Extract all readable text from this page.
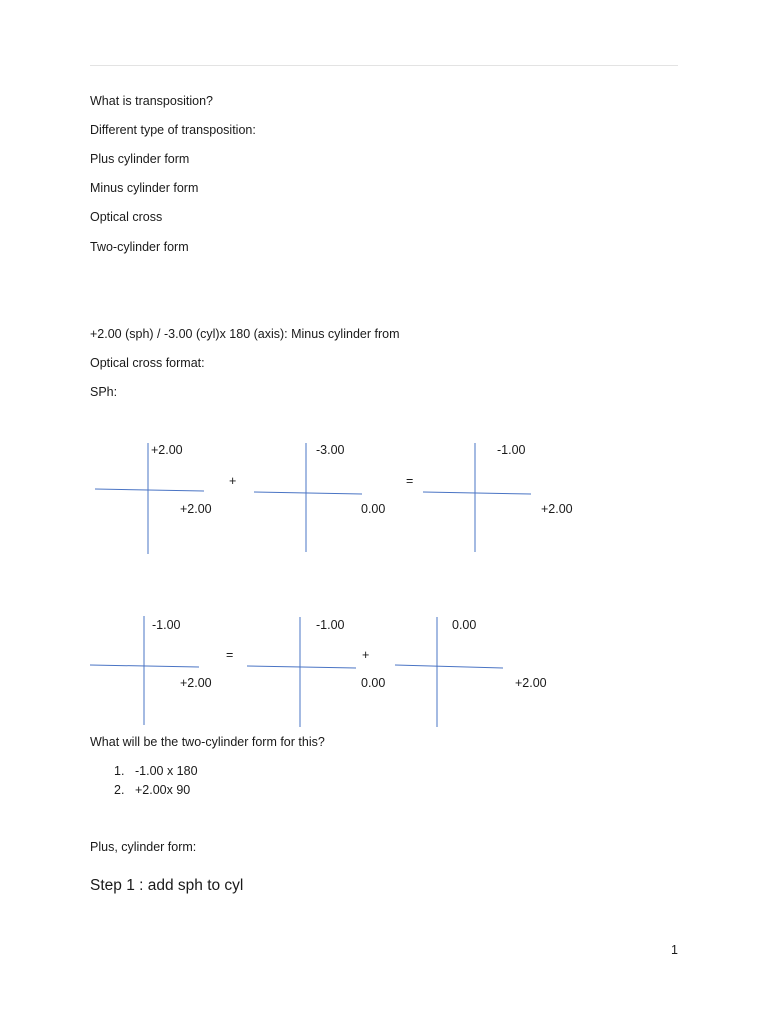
What is transposition?
Different type of transposition:
Plus cylinder form
Minus cylinder form
Optical cross
Two-cylinder form
+2.00 (sph) / -3.00 (cyl)x 180 (axis): Minus cylinder from
Optical cross format:
SPh:
+2.00
+2.00
+
-3.00
0.00
=
-1.00
+2.00
-1.00
+2.00
=
-1.00
0.00
+
0.00
+2.00
What will be the two-cylinder form for this?
1. -1.00 x 180
2. +2.00x 90
Plus, cylinder form:
Step 1 : add sph to cyl
1
